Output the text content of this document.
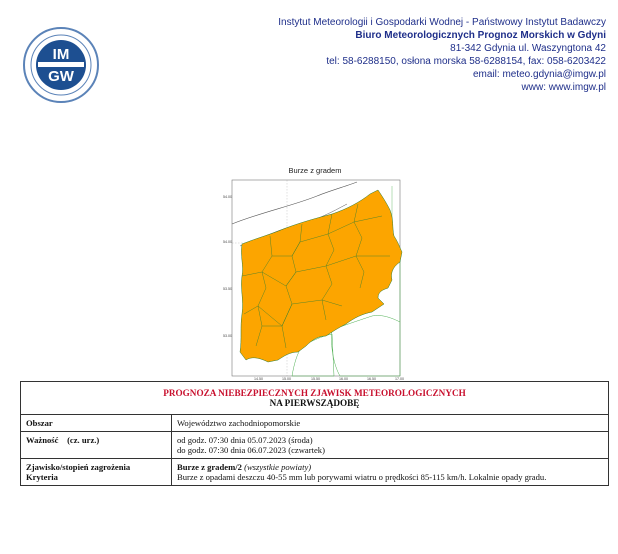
IM
GW
Instytut Meteorologii i Gospodarki Wodnej - Państwowy Instytut Badawczy
Biuro Meteorologicznych Prognoz Morskich w Gdyni
81-342 Gdynia ul. Waszyngtona 42
tel: 58-6288150, osłona morska 58-6288154, fax: 058-6203422
email: meteo.gdynia@imgw.pl
www: www.imgw.pl
Burze z gradem
54.00
54.00
53.50
53.00
14.50	15.00	15.50	16.00	16.50	17.00
PROGNOZA NIEBEZPIECZNYCH ZJAWISK METEOROLOGICZNYCH
NA PIERWSZĄDOBĘ	

Obszar	Województwo zachodniopomorskie
Ważność (cz. urz.)	od godz. 07:30 dnia 05.07.2023 (środa)
do godz. 07:30 dnia 06.07.2023 (czwartek)

Zjawisko/stopień zagrożenia
Kryteria	Burze z gradem/2 (wszystkie powiaty)
Burze z opadami deszczu 40-55 mm lub porywami wiatru o prędkości 85-115 km/h. Lokalnie opady gradu.
